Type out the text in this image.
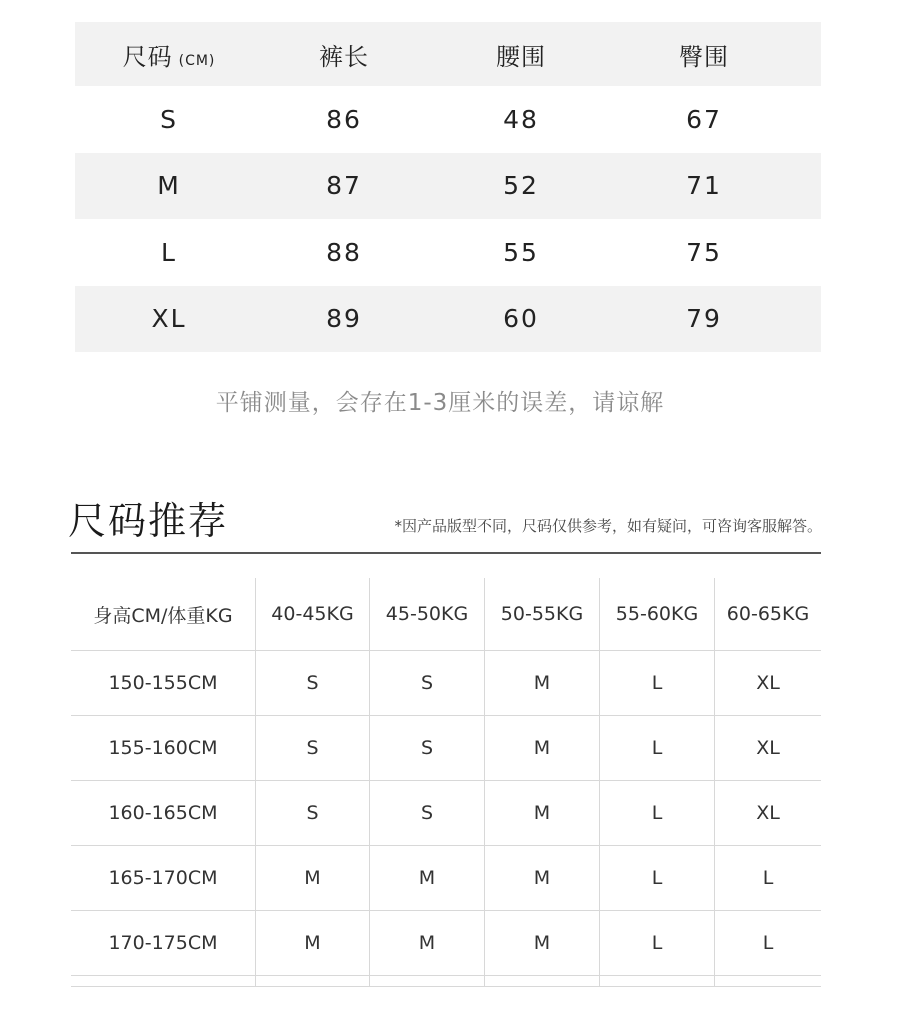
尺码 (CM)	裤长	腰围	臀围
S	86	48	67
M	87	52	71
L	88	55	75
XL	89	60	79
平铺测量，会存在1-3厘米的误差，请谅解
尺码推荐	*因产品版型不同，尺码仅供参考，如有疑问，可咨询客服解答。
身高CM/体重KG	40-45KG	45-50KG	50-55KG	55-60KG	60-65KG
150-155CM	S	S	M	L	XL
155-160CM	S	S	M	L	XL
160-165CM	S	S	M	L	XL
165-170CM	M	M	M	L	L
170-175CM	M	M	M	L	L
